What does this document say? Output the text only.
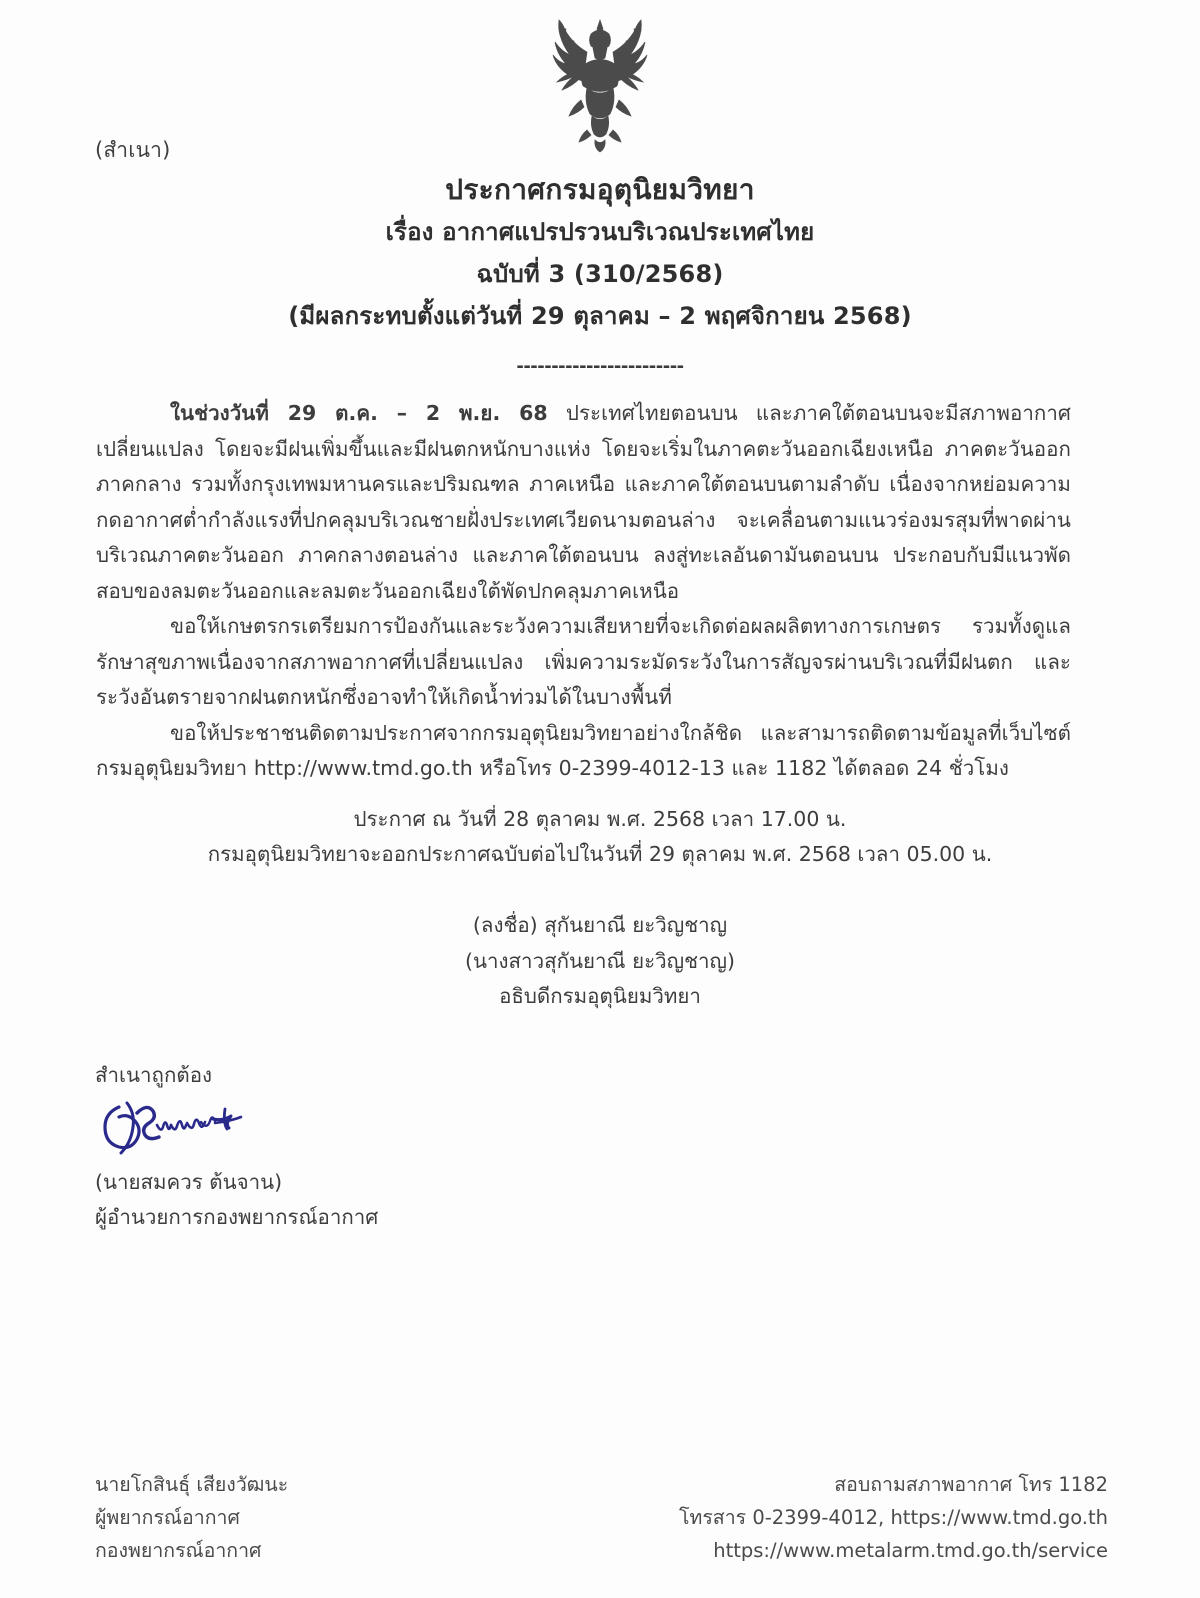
(สำเนา)
ประกาศกรมอุตุนิยมวิทยา
เรื่อง อากาศแปรปรวนบริเวณประเทศไทย
ฉบับที่ 3 (310/2568)
(มีผลกระทบตั้งแต่วันที่ 29 ตุลาคม – 2 พฤศจิกายน 2568)
------------------------

ในช่วงวันที่ 29 ต.ค. – 2 พ.ย. 68 ประเทศไทยตอนบน และภาคใต้ตอนบนจะมีสภาพอากาศเปลี่ยนแปลง โดยจะมีฝนเพิ่มขึ้นและมีฝนตกหนักบางแห่ง โดยจะเริ่มในภาคตะวันออกเฉียงเหนือ ภาคตะวันออก ภาคกลาง รวมทั้งกรุงเทพมหานครและปริมณฑล ภาคเหนือ และภาคใต้ตอนบนตามลำดับ เนื่องจากหย่อมความกดอากาศต่ำกำลังแรงที่ปกคลุมบริเวณชายฝั่งประเทศเวียดนามตอนล่าง จะเคลื่อนตามแนวร่องมรสุมที่พาดผ่านบริเวณภาคตะวันออก ภาคกลางตอนล่าง และภาคใต้ตอนบน ลงสู่ทะเลอันดามันตอนบน ประกอบกับมีแนวพัดสอบของลมตะวันออกและลมตะวันออกเฉียงใต้พัดปกคลุมภาคเหนือ

ขอให้เกษตรกรเตรียมการป้องกันและระวังความเสียหายที่จะเกิดต่อผลผลิตทางการเกษตร รวมทั้งดูแลรักษาสุขภาพเนื่องจากสภาพอากาศที่เปลี่ยนแปลง เพิ่มความระมัดระวังในการสัญจรผ่านบริเวณที่มีฝนตก และระวังอันตรายจากฝนตกหนักซึ่งอาจทำให้เกิดน้ำท่วมได้ในบางพื้นที่

ขอให้ประชาชนติดตามประกาศจากกรมอุตุนิยมวิทยาอย่างใกล้ชิด และสามารถติดตามข้อมูลที่เว็บไซต์กรมอุตุนิยมวิทยา http://www.tmd.go.th หรือโทร 0-2399-4012-13 และ 1182 ได้ตลอด 24 ชั่วโมง

ประกาศ ณ วันที่ 28 ตุลาคม พ.ศ. 2568 เวลา 17.00 น.
กรมอุตุนิยมวิทยาจะออกประกาศฉบับต่อไปในวันที่ 29 ตุลาคม พ.ศ. 2568 เวลา 05.00 น.
(ลงชื่อ) สุกันยาณี ยะวิญชาญ
(นางสาวสุกันยาณี ยะวิญชาญ)
อธิบดีกรมอุตุนิยมวิทยา
สำเนาถูกต้อง
(นายสมควร ต้นจาน)
ผู้อำนวยการกองพยากรณ์อากาศ
นายโกสินธุ์ เสียงวัฒนะ
ผู้พยากรณ์อากาศ
กองพยากรณ์อากาศ
สอบถามสภาพอากาศ โทร 1182
โทรสาร 0-2399-4012, https://www.tmd.go.th
https://www.metalarm.tmd.go.th/service
